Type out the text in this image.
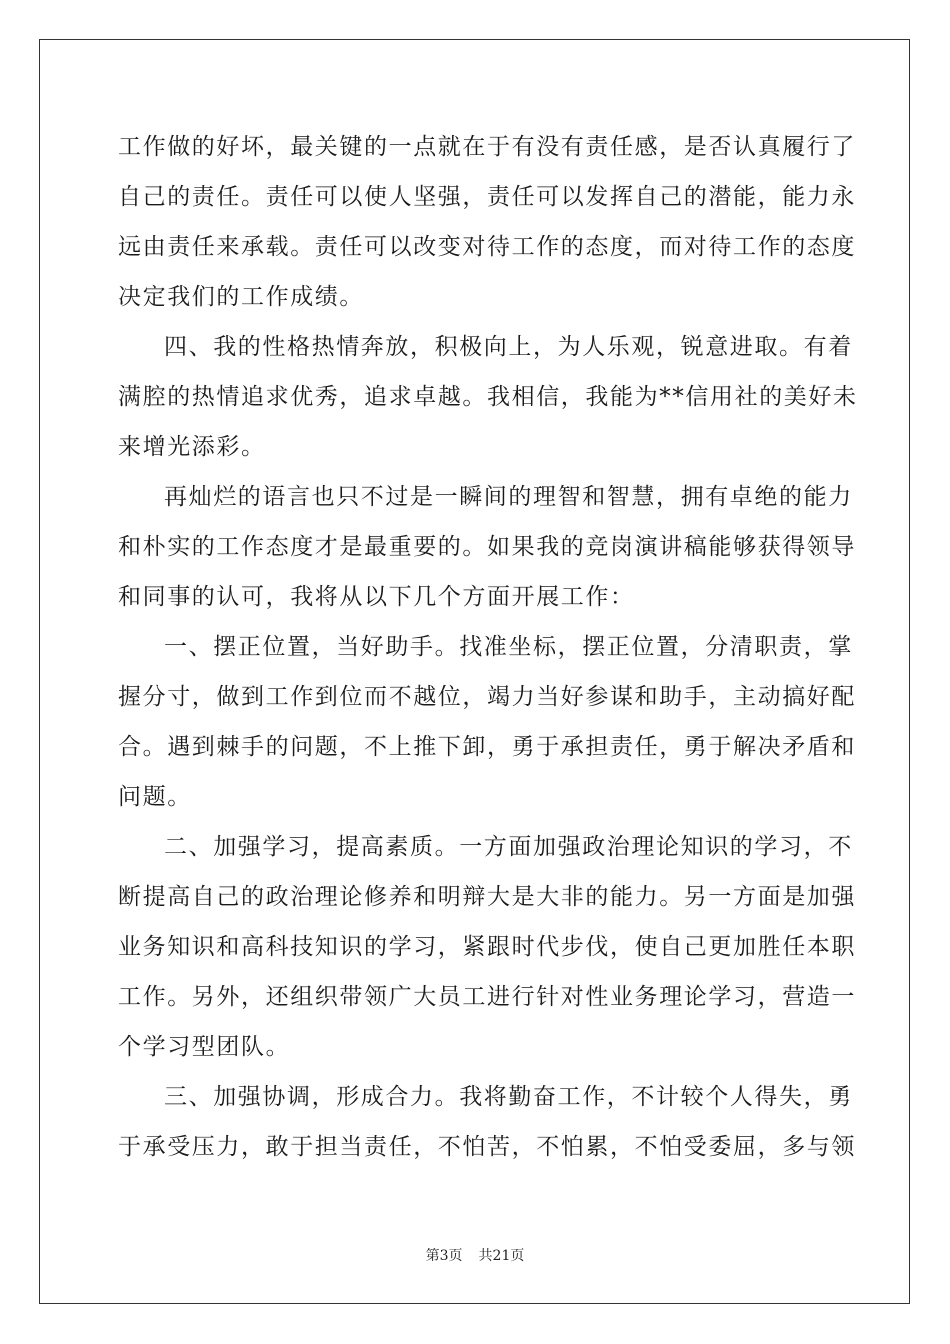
工作做的好坏，最关键的一点就在于有没有责任感，是否认真履行了
自己的责任。责任可以使人坚强，责任可以发挥自己的潜能，能力永
远由责任来承载。责任可以改变对待工作的态度，而对待工作的态度
决定我们的工作成绩。
四、我的性格热情奔放，积极向上，为人乐观，锐意进取。有着
满腔的热情追求优秀，追求卓越。我相信，我能为**信用社的美好未
来增光添彩。
再灿烂的语言也只不过是一瞬间的理智和智慧，拥有卓绝的能力
和朴实的工作态度才是最重要的。如果我的竞岗演讲稿能够获得领导
和同事的认可，我将从以下几个方面开展工作：
一、摆正位置，当好助手。找准坐标，摆正位置，分清职责，掌
握分寸，做到工作到位而不越位，竭力当好参谋和助手，主动搞好配
合。遇到棘手的问题，不上推下卸，勇于承担责任，勇于解决矛盾和
问题。
二、加强学习，提高素质。一方面加强政治理论知识的学习，不
断提高自己的政治理论修养和明辩大是大非的能力。另一方面是加强
业务知识和高科技知识的学习，紧跟时代步伐，使自己更加胜任本职
工作。另外，还组织带领广大员工进行针对性业务理论学习，营造一
个学习型团队。
三、加强协调，形成合力。我将勤奋工作，不计较个人得失，勇
于承受压力，敢于担当责任，不怕苦，不怕累，不怕受委屈，多与领
第3页 共21页
